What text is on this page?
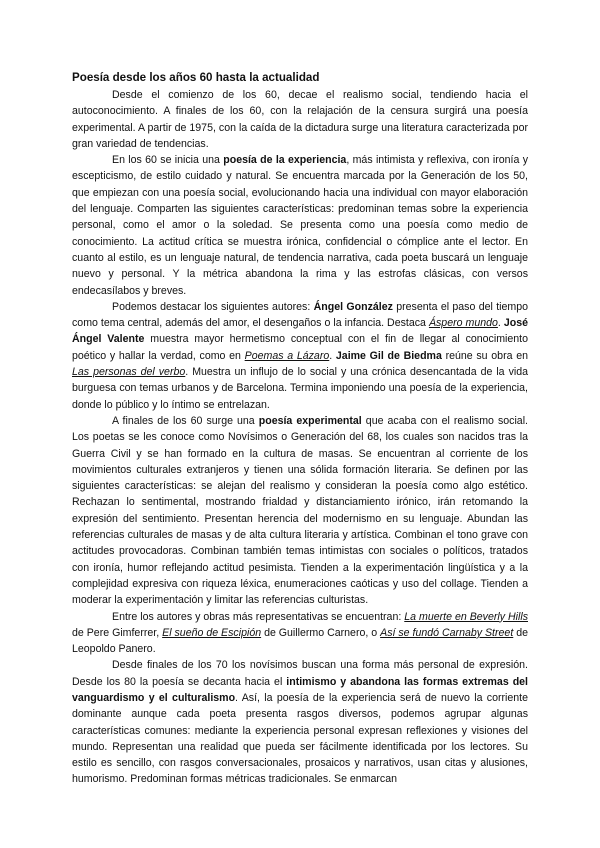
Poesía desde los años 60 hasta la actualidad

Desde el comienzo de los 60, decae el realismo social, tendiendo hacia el autoconocimiento. A finales de los 60, con la relajación de la censura surgirá una poesía experimental. A partir de 1975, con la caída de la dictadura surge una literatura caracterizada por gran variedad de tendencias.

En los 60 se inicia una poesía de la experiencia, más intimista y reflexiva, con ironía y escepticismo, de estilo cuidado y natural. Se encuentra marcada por la Generación de los 50, que empiezan con una poesía social, evolucionando hacia una individual con mayor elaboración del lenguaje. Comparten las siguientes características: predominan temas sobre la experiencia personal, como el amor o la soledad. Se presenta como una poesía como medio de conocimiento. La actitud crítica se muestra irónica, confidencial o cómplice ante el lector. En cuanto al estilo, es un lenguaje natural, de tendencia narrativa, cada poeta buscará un lenguaje nuevo y personal. Y la métrica abandona la rima y las estrofas clásicas, con versos endecasílabos y breves.

Podemos destacar los siguientes autores: Ángel González presenta el paso del tiempo como tema central, además del amor, el desengaños o la infancia. Destaca Áspero mundo. José Ángel Valente muestra mayor hermetismo conceptual con el fin de llegar al conocimiento poético y hallar la verdad, como en Poemas a Lázaro. Jaime Gil de Biedma reúne su obra en Las personas del verbo. Muestra un influjo de lo social y una crónica desencantada de la vida burguesa con temas urbanos y de Barcelona. Termina imponiendo una poesía de la experiencia, donde lo público y lo íntimo se entrelazan.

A finales de los 60 surge una poesía experimental que acaba con el realismo social. Los poetas se les conoce como Novísimos o Generación del 68, los cuales son nacidos tras la Guerra Civil y se han formado en la cultura de masas. Se encuentran al corriente de los movimientos culturales extranjeros y tienen una sólida formación literaria. Se definen por las siguientes características: se alejan del realismo y consideran la poesía como algo estético. Rechazan lo sentimental, mostrando frialdad y distanciamiento irónico, irán retomando la expresión del sentimiento. Presentan herencia del modernismo en su lenguaje. Abundan las referencias culturales de masas y de alta cultura literaria y artística. Combinan el tono grave con actitudes provocadoras. Combinan también temas intimistas con sociales o políticos, tratados con ironía, humor reflejando actitud pesimista. Tienden a la experimentación lingüística y a la complejidad expresiva con riqueza léxica, enumeraciones caóticas y uso del collage. Tienden a moderar la experimentación y limitar las referencias culturistas.

Entre los autores y obras más representativas se encuentran: La muerte en Beverly Hills de Pere Gimferrer, El sueño de Escipión de Guillermo Carnero, o Así se fundó Carnaby Street de Leopoldo Panero.

Desde finales de los 70 los novísimos buscan una forma más personal de expresión. Desde los 80 la poesía se decanta hacia el intimismo y abandona las formas extremas del vanguardismo y el culturalismo. Así, la poesía de la experiencia será de nuevo la corriente dominante aunque cada poeta presenta rasgos diversos, podemos agrupar algunas características comunes: mediante la experiencia personal expresan reflexiones y visiones del mundo. Representan una realidad que pueda ser fácilmente identificada por los lectores. Su estilo es sencillo, con rasgos conversacionales, prosaicos y narrativos, usan citas y alusiones, humorismo. Predominan formas métricas tradicionales. Se enmarcan
